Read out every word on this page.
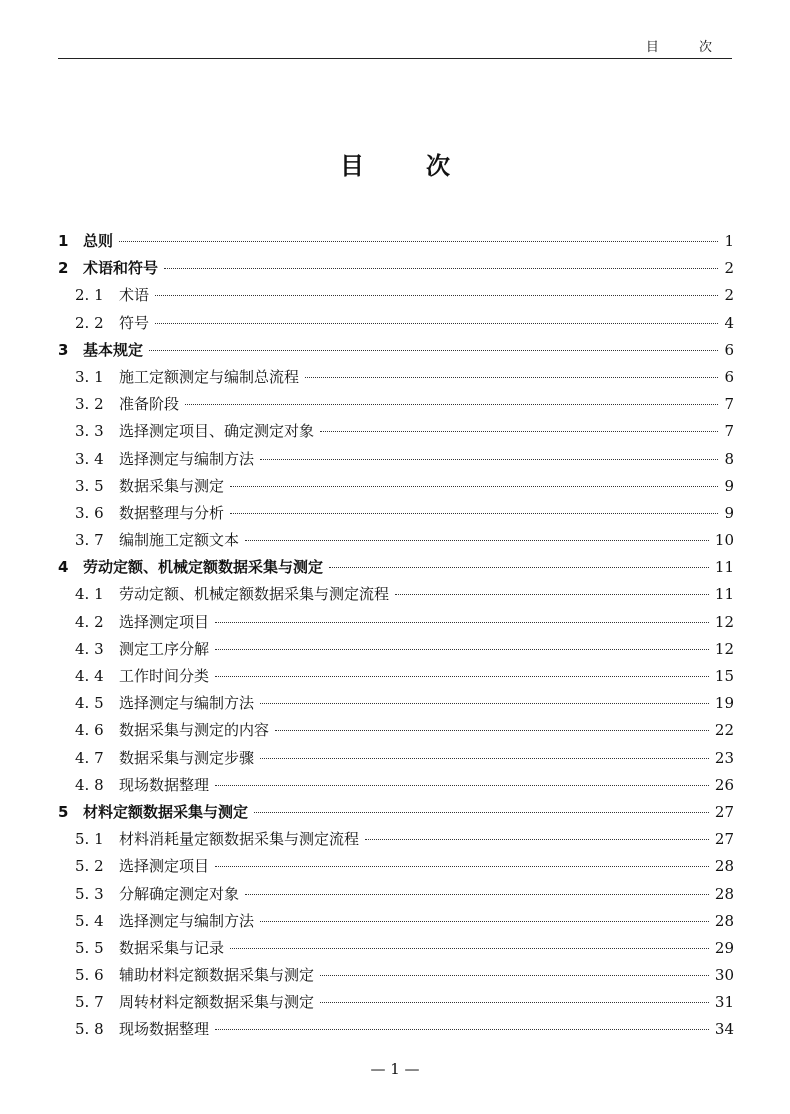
目 次
目	次
1 总则	1
2 术语和符号	2
2. 1	术语	2
2. 2	符号	4
3 基本规定	6
3. 1	施工定额测定与编制总流程	6
3. 2	准备阶段	7
3. 3	选择测定项目、确定测定对象	7
3. 4	选择测定与编制方法	8
3. 5	数据采集与测定	9
3. 6	数据整理与分析	9
3. 7	编制施工定额文本	10
4 劳动定额、机械定额数据采集与测定	11
4. 1	劳动定额、机械定额数据采集与测定流程	11
4. 2	选择测定项目	12
4. 3	测定工序分解	12
4. 4	工作时间分类	15
4. 5	选择测定与编制方法	19
4. 6	数据采集与测定的内容	22
4. 7	数据采集与测定步骤	23
4. 8	现场数据整理	26
5 材料定额数据采集与测定	27
5. 1	材料消耗量定额数据采集与测定流程	27
5. 2	选择测定项目	28
5. 3	分解确定测定对象	28
5. 4	选择测定与编制方法	28
5. 5	数据采集与记录	29
5. 6	辅助材料定额数据采集与测定	30
5. 7	周转材料定额数据采集与测定	31
5. 8	现场数据整理	34
— 1 —
